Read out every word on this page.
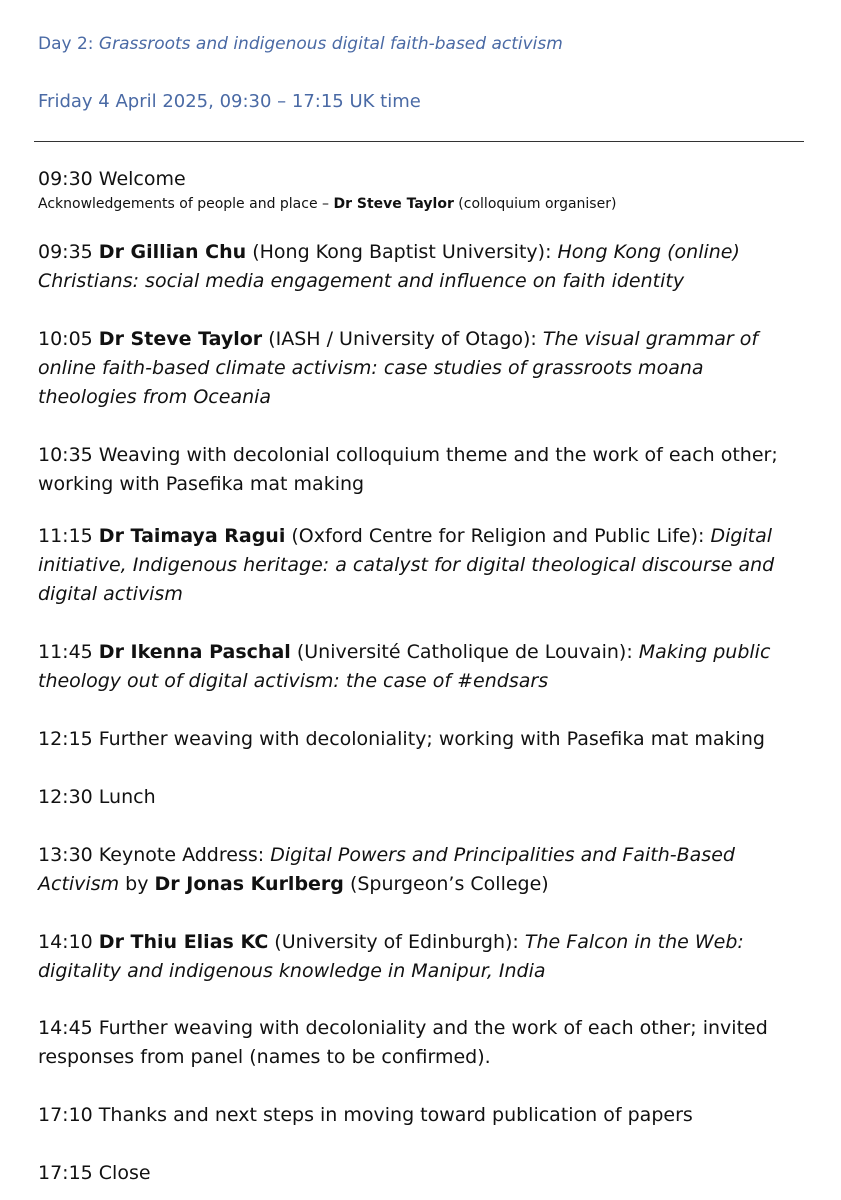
Day 2: Grassroots and indigenous digital faith-based activism
Friday 4 April 2025, 09:30 – 17:15 UK time
09:30 Welcome
Acknowledgements of people and place – Dr Steve Taylor (colloquium organiser)
09:35 Dr Gillian Chu (Hong Kong Baptist University): Hong Kong (online)
Christians: social media engagement and influence on faith identity
10:05 Dr Steve Taylor (IASH / University of Otago): The visual grammar of
online faith-based climate activism: case studies of grassroots moana
theologies from Oceania
10:35 Weaving with decolonial colloquium theme and the work of each other;
working with Pasefika mat making
11:15 Dr Taimaya Ragui (Oxford Centre for Religion and Public Life): Digital
initiative, Indigenous heritage: a catalyst for digital theological discourse and
digital activism
11:45 Dr Ikenna Paschal (Université Catholique de Louvain): Making public
theology out of digital activism: the case of #endsars
12:15 Further weaving with decoloniality; working with Pasefika mat making
12:30 Lunch
13:30 Keynote Address: Digital Powers and Principalities and Faith-Based
Activism by Dr Jonas Kurlberg (Spurgeon’s College)
14:10 Dr Thiu Elias KC (University of Edinburgh): The Falcon in the Web:
digitality and indigenous knowledge in Manipur, India
14:45 Further weaving with decoloniality and the work of each other; invited
responses from panel (names to be confirmed).
17:10 Thanks and next steps in moving toward publication of papers
17:15 Close
